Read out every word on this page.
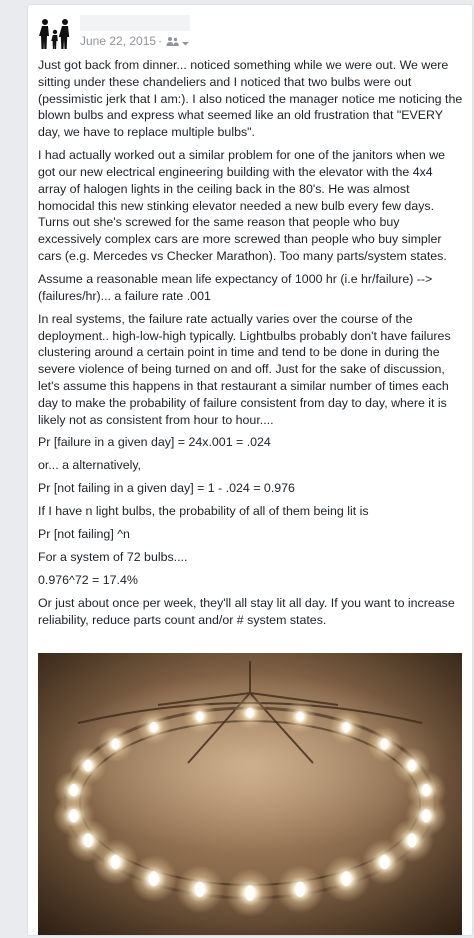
June 22, 2015 ·

Just got back from dinner... noticed something while we were out. We were sitting under these chandeliers and I noticed that two bulbs were out (pessimistic jerk that I am:). I also noticed the manager notice me noticing the blown bulbs and express what seemed like an old frustration that "EVERY day, we have to replace multiple bulbs".

I had actually worked out a similar problem for one of the janitors when we got our new electrical engineering building with the elevator with the 4x4 array of halogen lights in the ceiling back in the 80's. He was almost homocidal this new stinking elevator needed a new bulb every few days. Turns out she's screwed for the same reason that people who buy excessively complex cars are more screwed than people who buy simpler cars (e.g. Mercedes vs Checker Marathon). Too many parts/system states.

Assume a reasonable mean life expectancy of 1000 hr (i.e hr/failure) --> (failures/hr)... a failure rate .001

In real systems, the failure rate actually varies over the course of the deployment.. high-low-high typically. Lightbulbs probably don't have failures clustering around a certain point in time and tend to be done in during the severe violence of being turned on and off. Just for the sake of discussion, let's assume this happens in that restaurant a similar number of times each day to make the probability of failure consistent from day to day, where it is likely not as consistent from hour to hour....

Pr [failure in a given day] = 24x.001 = .024

or... a alternatively,

Pr [not failing in a given day] = 1 - .024 = 0.976

If I have n light bulbs, the probability of all of them being lit is

Pr [not failing] ^n

For a system of 72 bulbs....

0.976^72 = 17.4%

Or just about once per week, they'll all stay lit all day. If you want to increase reliability, reduce parts count and/or # system states.
